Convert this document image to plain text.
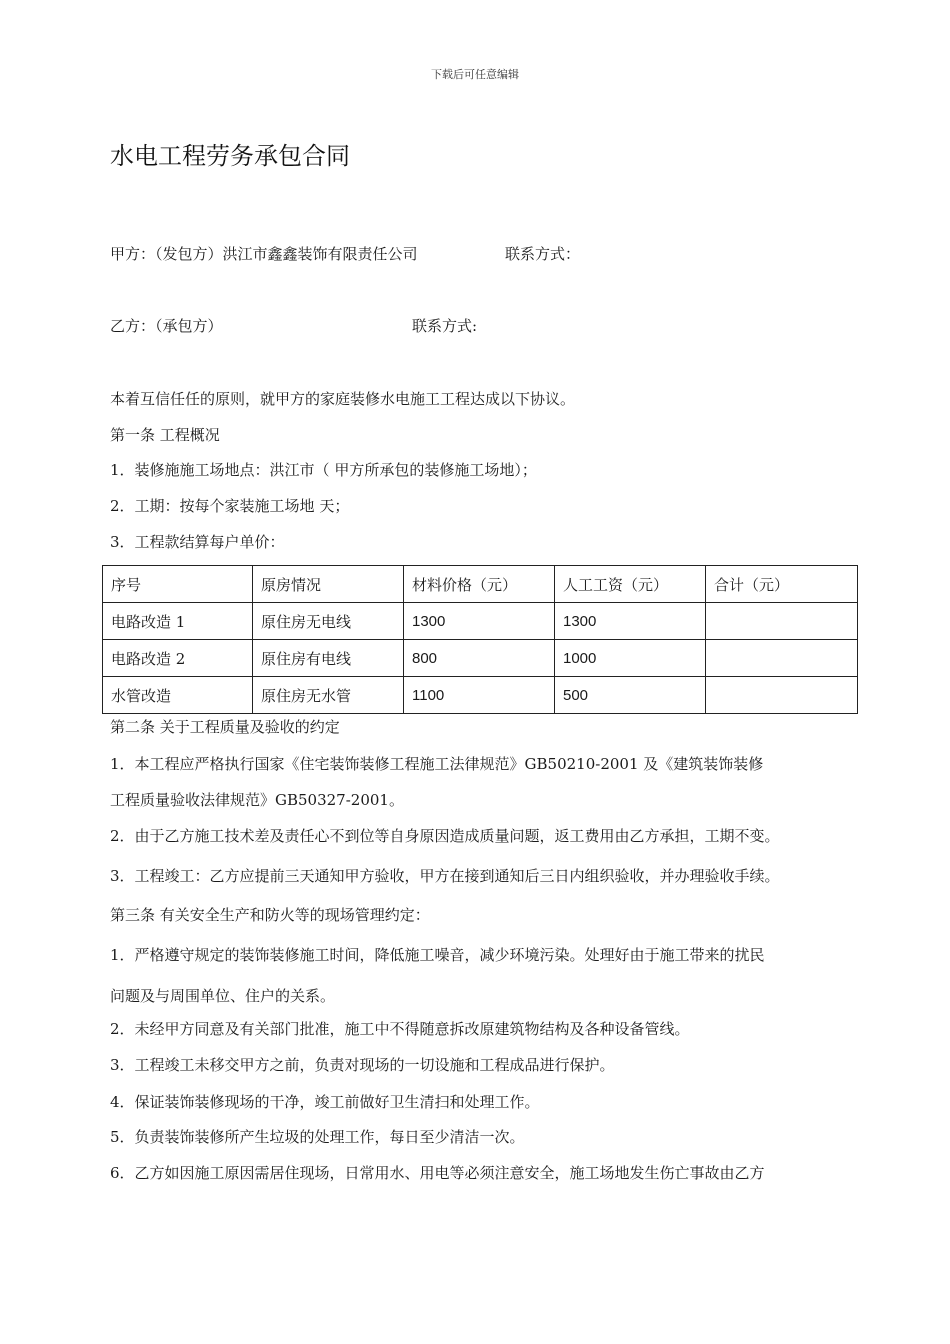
下载后可任意编辑
水电工程劳务承包合同
甲方：（发包方）洪江市鑫鑫装饰有限责任公司	联系方式：
乙方：（承包方）	联系方式:
本着互信任任的原则，就甲方的家庭装修水电施工工程达成以下协议。
第一条 工程概况
1．装修施施工场地点：洪江市（ 甲方所承包的装修施工场地）；
2．工期：按每个家装施工场地 天；
3．工程款结算每户单价：
序号	原房情况	材料价格（元）	人工工资（元）	合计（元）
电路改造 1	原住房无电线	1300	1300	
电路改造 2	原住房有电线	800	1000	
水管改造	原住房无水管	1100	500	
第二条 关于工程质量及验收的约定
1．本工程应严格执行国家《住宅装饰装修工程施工法律规范》GB50210-2001 及《建筑装饰装修
工程质量验收法律规范》GB50327-2001。
2．由于乙方施工技术差及责任心不到位等自身原因造成质量问题，返工费用由乙方承担，工期不变。
3．工程竣工：乙方应提前三天通知甲方验收，甲方在接到通知后三日内组织验收，并办理验收手续。
第三条 有关安全生产和防火等的现场管理约定：
1．严格遵守规定的装饰装修施工时间，降低施工噪音，减少环境污染。处理好由于施工带来的扰民
问题及与周围单位、住户的关系。
2．未经甲方同意及有关部门批准，施工中不得随意拆改原建筑物结构及各种设备管线。
3．工程竣工未移交甲方之前，负责对现场的一切设施和工程成品进行保护。
4．保证装饰装修现场的干净，竣工前做好卫生清扫和处理工作。
5．负责装饰装修所产生垃圾的处理工作，每日至少清洁一次。
6．乙方如因施工原因需居住现场，日常用水、用电等必须注意安全，施工场地发生伤亡事故由乙方
